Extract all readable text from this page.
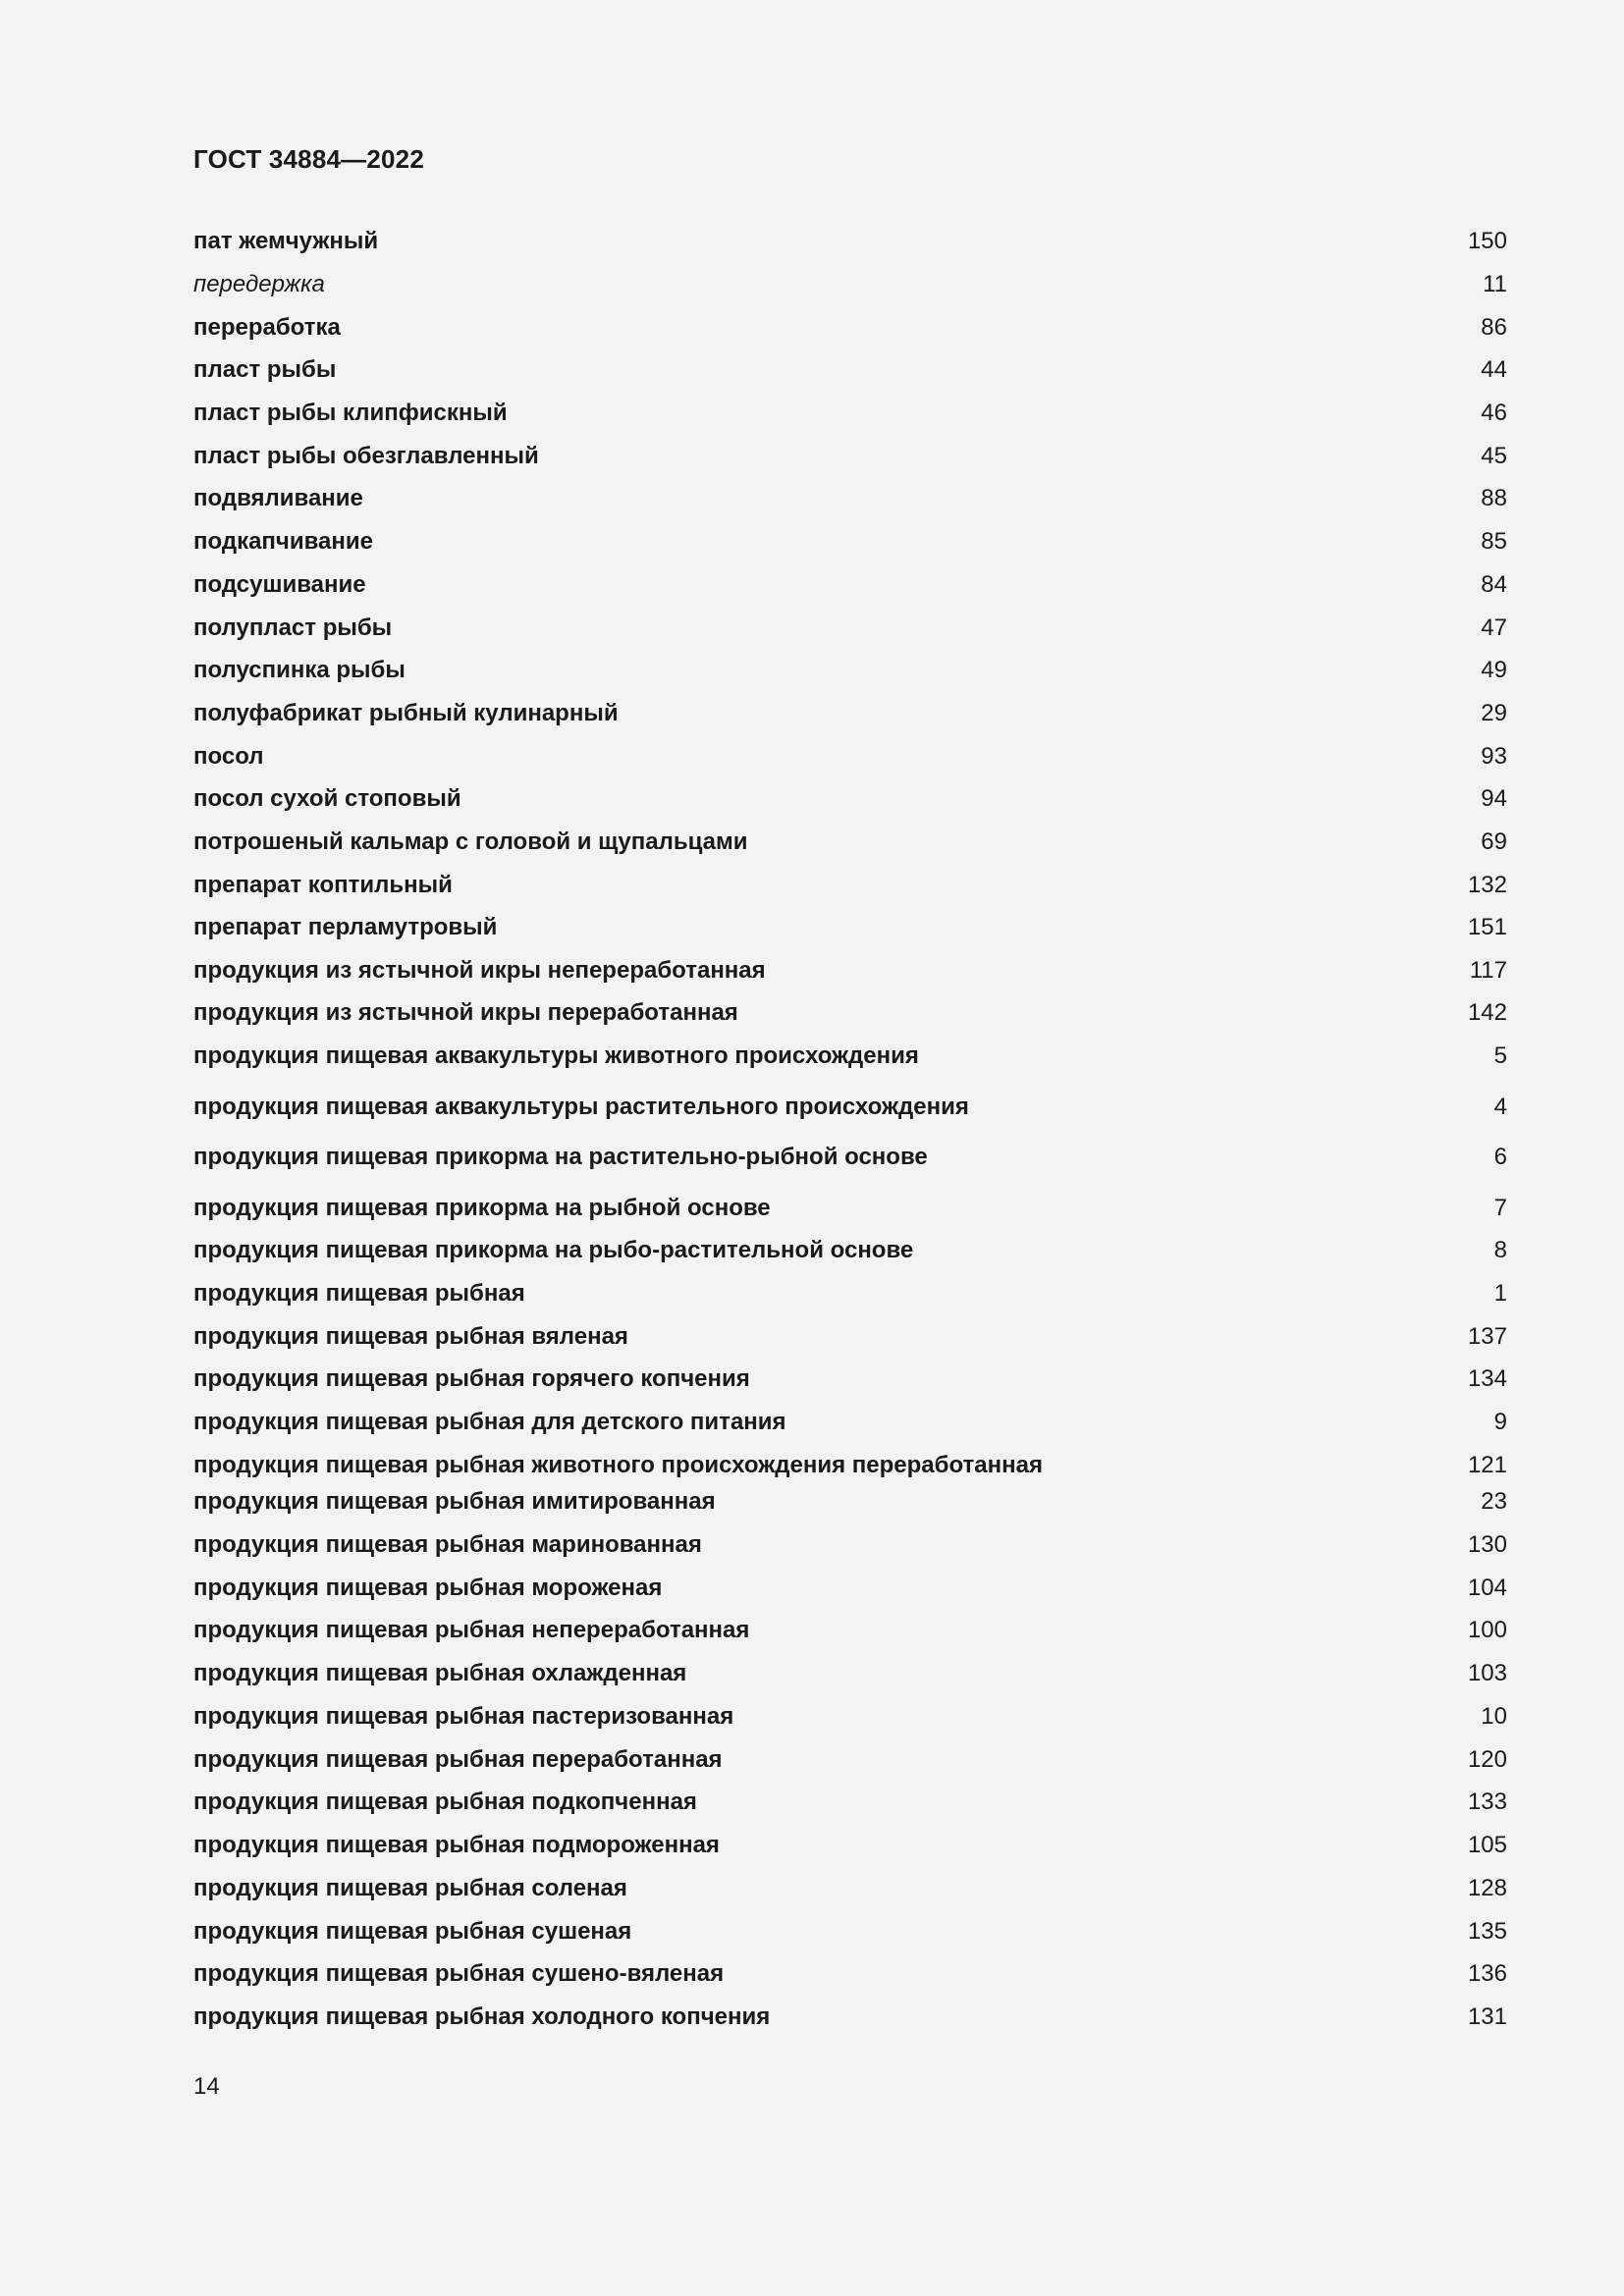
ГОСТ 34884—2022
пат жемчужный	150
передержка	11
переработка	86
пласт рыбы	44
пласт рыбы клипфискный	46
пласт рыбы обезглавленный	45
подвяливание	88
подкапчивание	85
подсушивание	84
полупласт рыбы	47
полуспинка рыбы	49
полуфабрикат рыбный кулинарный	29
посол	93
посол сухой стоповый	94
потрошеный кальмар с головой и щупальцами	69
препарат коптильный	132
препарат перламутровый	151
продукция из ястычной икры непереработанная	117
продукция из ястычной икры переработанная	142
продукция пищевая аквакультуры животного происхождения	5
продукция пищевая аквакультуры растительного происхождения	4
продукция пищевая прикорма на растительно-рыбной основе	6
продукция пищевая прикорма на рыбной основе	7
продукция пищевая прикорма на рыбо-растительной основе	8
продукция пищевая рыбная	1
продукция пищевая рыбная вяленая	137
продукция пищевая рыбная горячего копчения	134
продукция пищевая рыбная для детского питания	9
продукция пищевая рыбная животного происхождения переработанная	121
продукция пищевая рыбная имитированная	23
продукция пищевая рыбная маринованная	130
продукция пищевая рыбная мороженая	104
продукция пищевая рыбная непереработанная	100
продукция пищевая рыбная охлажденная	103
продукция пищевая рыбная пастеризованная	10
продукция пищевая рыбная переработанная	120
продукция пищевая рыбная подкопченная	133
продукция пищевая рыбная подмороженная	105
продукция пищевая рыбная соленая	128
продукция пищевая рыбная сушеная	135
продукция пищевая рыбная сушено-вяленая	136
продукция пищевая рыбная холодного копчения	131
14
